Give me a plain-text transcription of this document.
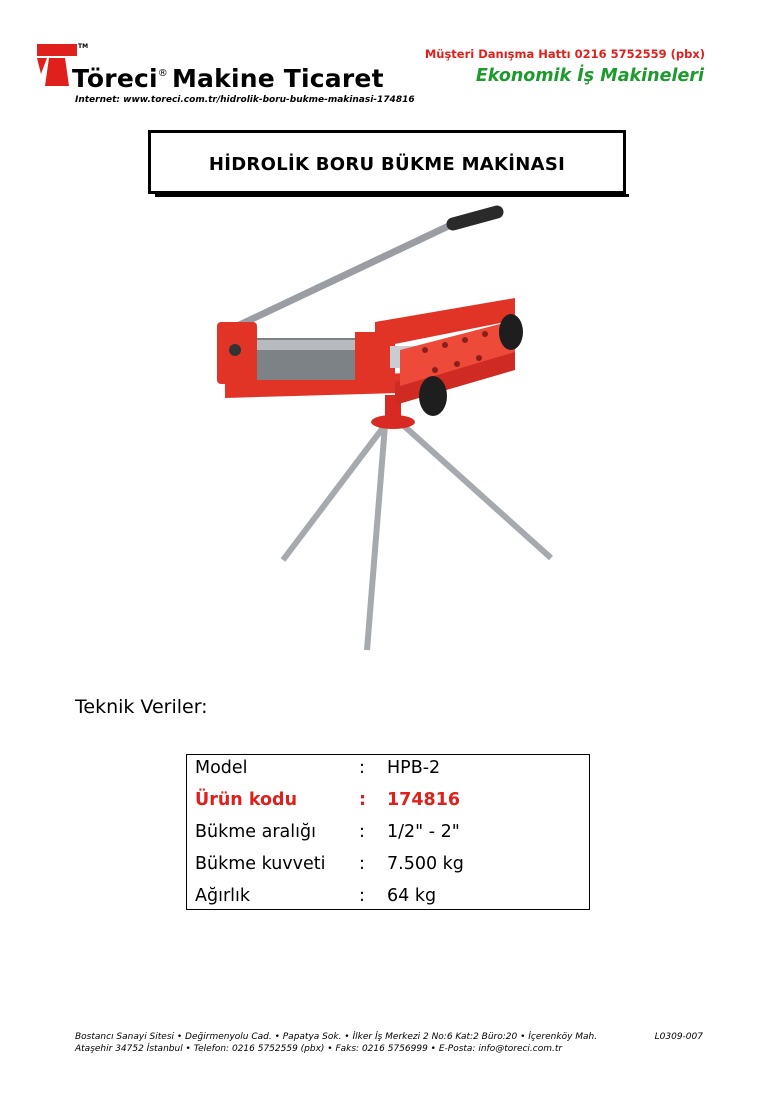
TM
Töreci® Makine Ticaret
Internet: www.toreci.com.tr/hidrolik-boru-bukme-makinasi-174816
Müşteri Danışma Hattı 0216 5752559 (pbx)
Ekonomik İş Makineleri
HİDROLİK BORU BÜKME MAKİNASI
Teknik Veriler:
Model	: HPB-2
Ürün kodu	: 174816
Bükme aralığı : 1/2" - 2"
Bükme kuvveti : 7.500 kg
Ağırlık	: 64 kg
Bostancı Sanayi Sitesi • Değirmenyolu Cad. • Papatya Sok. • İlker İş Merkezi 2 No:6 Kat:2 Büro:20 • İçerenköy Mah.
Ataşehir 34752 İstanbul • Telefon: 0216 5752559 (pbx) • Faks: 0216 5756999 • E-Posta: info@toreci.com.tr
L0309-007
